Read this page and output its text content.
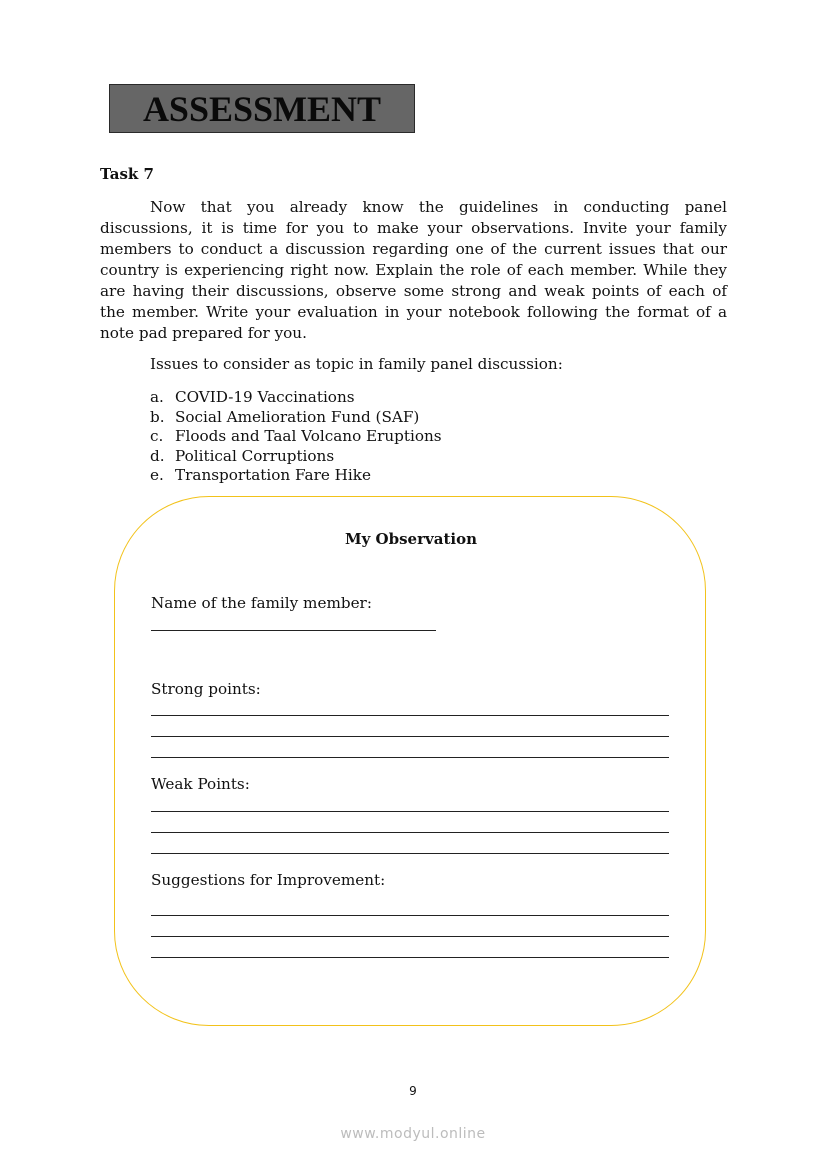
ASSESSMENT
Task 7

Now that you already know the guidelines in conducting panel discussions, it is time for you to make your observations. Invite your family members to conduct a discussion regarding one of the current issues that our country is experiencing right now. Explain the role of each member. While they are having their discussions, observe some strong and weak points of each of the member. Write your evaluation in your notebook following the format of a note pad prepared for you.

Issues to consider as topic in family panel discussion:
a. COVID-19 Vaccinations
b. Social Amelioration Fund (SAF)
c. Floods and Taal Volcano Eruptions
d. Political Corruptions
e. Transportation Fare Hike
My Observation
Name of the family member:
Strong points:
Weak Points:
Suggestions for Improvement:
9
www.modyul.online
